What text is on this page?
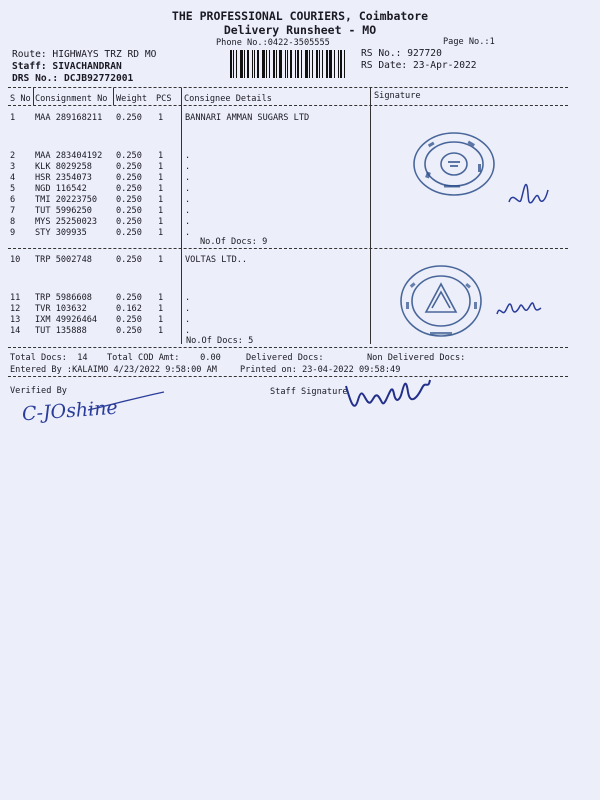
THE PROFESSIONAL COURIERS, Coimbatore
Delivery Runsheet - MO
Phone No.:0422-3505555	Page No.:1
Route: HIGHWAYS TRZ RD MO
Staff: SIVACHANDRAN
DRS No.: DCJB92772001
RS No.: 927720
RS Date: 23-Apr-2022
S No Consignment No Weight PCS Consignee Details	Signature
1 MAA 289168211 0.250 1	BANNARI AMMAN SUGARS LTD
2 MAA 283404192 0.250 1	.
3 KLK 8029258	0.250 1	.
4 HSR 2354073	0.250 1	.
5 NGD 116542	0.250 1	.
6 TMI 20223750 0.250 1	.
7 TUT 5996250	0.250 1	.
8 MYS 25250023 0.250 1	.
9 STY 309935	0.250 1	.
No.Of Docs: 9
10 TRP 5002748	0.250 1	VOLTAS LTD..
11 TRP 5986608	0.250 1	.
12 TVR 103632	0.162 1	.
13 IXM 49926464 0.250 1	.
14 TUT 135888	0.250 1	.
No.Of Docs: 5
Total Docs:  14 Total COD Amt:    0.00	Delivered Docs:	Non Delivered Docs:
Entered By :KALAIMO 4/23/2022 9:58:00 AM	Printed on: 23-04-2022 09:58:49
Verified By	Staff Signature
C-JOshine
